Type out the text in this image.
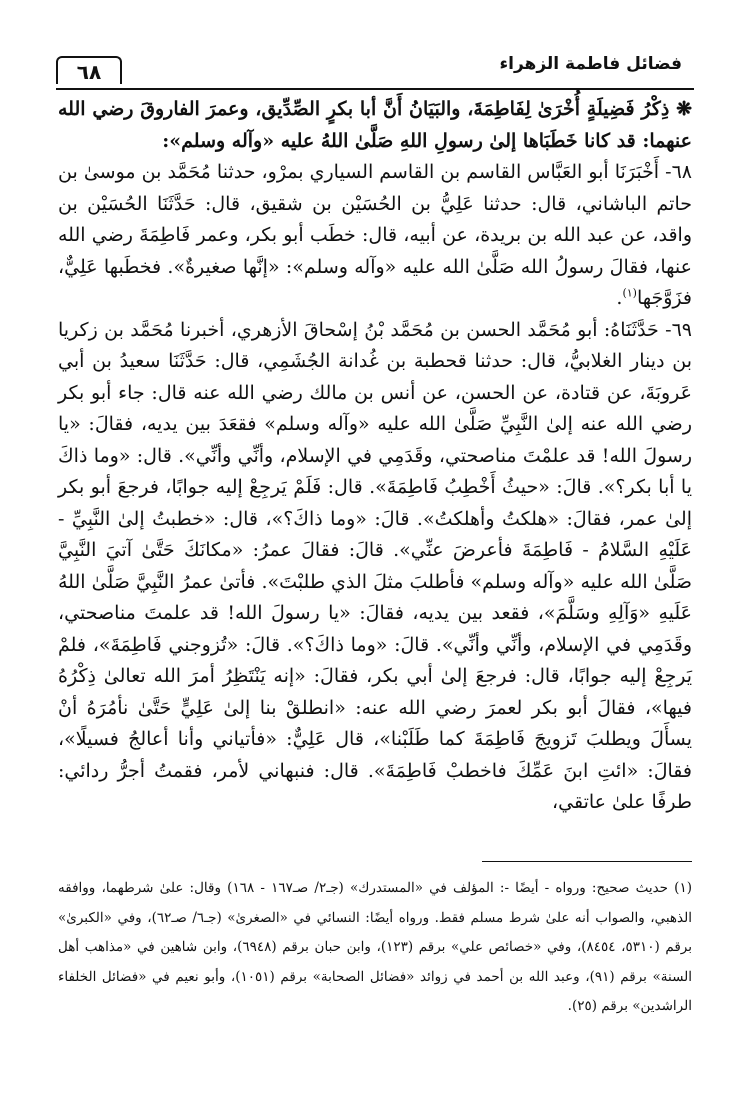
فضائل فاطمة الزهراء
٦٨

❋ ذِكْرُ فَضِيلَةٍ أُخْرَىٰ لِفَاطِمَةَ، والبَيَانُ أَنَّ أبا بكرٍ الصِّدِّيق، وعمرَ الفاروقَ رضي الله عنهما: قد كانا خَطَبَاها إلىٰ رسولِ اللهِ صَلَّىٰ اللهُ عليه «وآله وسلم»:

٦٨- أَخْبَرَنَا أبو العَبَّاس القاسم بن القاسم السياري بمرْو، حدثنا مُحَمَّد بن موسىٰ بن حاتم الباشاني، قال: حدثنا عَلِيُّ بن الحُسَيْن بن شقيق، قال: حَدَّثَنَا الحُسَيْن بن واقد، عن عبد الله بن بريدة، عن أبيه، قال: خطَب أبو بكر، وعمر فَاطِمَةَ رضي الله عنها، فقالَ رسولُ الله صَلَّىٰ الله عليه «وآله وسلم»: «إنَّها صغيرةٌ». فخطَبها عَلِيٌّ، فزَوَّجَها$^{(١)}$.

٦٩- حَدَّثَنَاهُ: أبو مُحَمَّد الحسن بن مُحَمَّد بْنُ إسْحاقَ الأزهري، أخبرنا مُحَمَّد بن زكريا بن دينار الغلابيُّ، قال: حدثنا قحطبة بن غُدانة الجُشَمِي، قال: حَدَّثَنَا سعيدُ بن أبي عَروبَةَ، عن قتادة، عن الحسن، عن أنس بن مالك رضي الله عنه قال: جاء أبو بكر رضي الله عنه إلىٰ النَّبِيِّ صَلَّىٰ الله عليه «وآله وسلم» فقعَدَ بين يديه، فقالَ: «يا رسولَ الله! قد علمْتَ مناصحتي، وقَدَمِي في الإسلام، وأنِّي وأنِّي». قال: «وما ذاكَ يا أبا بكر؟». قالَ: «حيثُ أَخْطِبُ فَاطِمَةَ». قال: فَلَمْ يَرجِعْ إليه جوابًا، فرجعَ أبو بكر إلىٰ عمر، فقالَ: «هلكتُ وأهلكتُ». قالَ: «وما ذاكَ؟»، قال: «خطبتُ إلىٰ النَّبِيِّ - عَلَيْهِ السَّلامُ - فَاطِمَةَ فأعرضَ عنِّي». قالَ: فقالَ عمرُ: «مكانَكَ حَتَّىٰ آتيَ النَّبِيَّ صَلَّىٰ الله عليه «وآله وسلم» فأطلبَ مثلَ الذي طلبْتَ». فأتىٰ عمرُ النَّبِيَّ صَلَّىٰ اللهُ عَلَيهِ «وَآلِهِ وسَلَّمَ»، فقعد بين يديه، فقالَ: «يا رسولَ الله! قد علمتَ مناصحتي، وقَدَمِي في الإسلام، وأنِّي وأنِّي». قالَ: «وما ذاكَ؟». قالَ: «تُزوجني فَاطِمَةَ»، فلمْ يَرجِعْ إليه جوابًا، قال: فرجعَ إلىٰ أبي بكر، فقالَ: «إنه يَنْتَظِرُ أمرَ الله تعالىٰ ذِكْرُهُ فيها»، فقالَ أبو بكر لعمرَ رضي الله عنه: «انطلقْ بنا إلىٰ عَلِيٍّ حَتَّىٰ نأمُرَهُ أنْ يسأَلَ ويطلبَ تَزويجَ فَاطِمَةَ كما طَلَبْنا»، قال عَلِيٌّ: «فأتياني وأنا أعالجُ فسيلًا»، فقالَ: «ائتِ ابنَ عَمِّكَ فاخطبْ فَاطِمَةَ». قال: فنبهاني لأمر، فقمتُ أجرُّ ردائي: طرفًا علىٰ عاتقي،

(١) حديث صحيح: ورواه - أيضًا -: المؤلف في «المستدرك» (جـ٢/ صـ١٦٧ - ١٦٨) وقال: علىٰ شرطهما، ووافقه الذهبي، والصواب أنه علىٰ شرط مسلم فقط. ورواه أيضًا: النسائي في «الصغرىٰ» (جـ٦/ صـ٦٢)، وفي «الكبرىٰ» برقم (٥٣١٠، ٨٤٥٤)، وفي «خصائص علي» برقم (١٢٣)، وابن حبان برقم (٦٩٤٨)، وابن شاهين في «مذاهب أهل السنة» برقم (٩١)، وعبد الله بن أحمد في زوائد «فضائل الصحابة» برقم (١٠٥١)، وأبو نعيم في «فضائل الخلفاء الراشدين» برقم (٢٥).
